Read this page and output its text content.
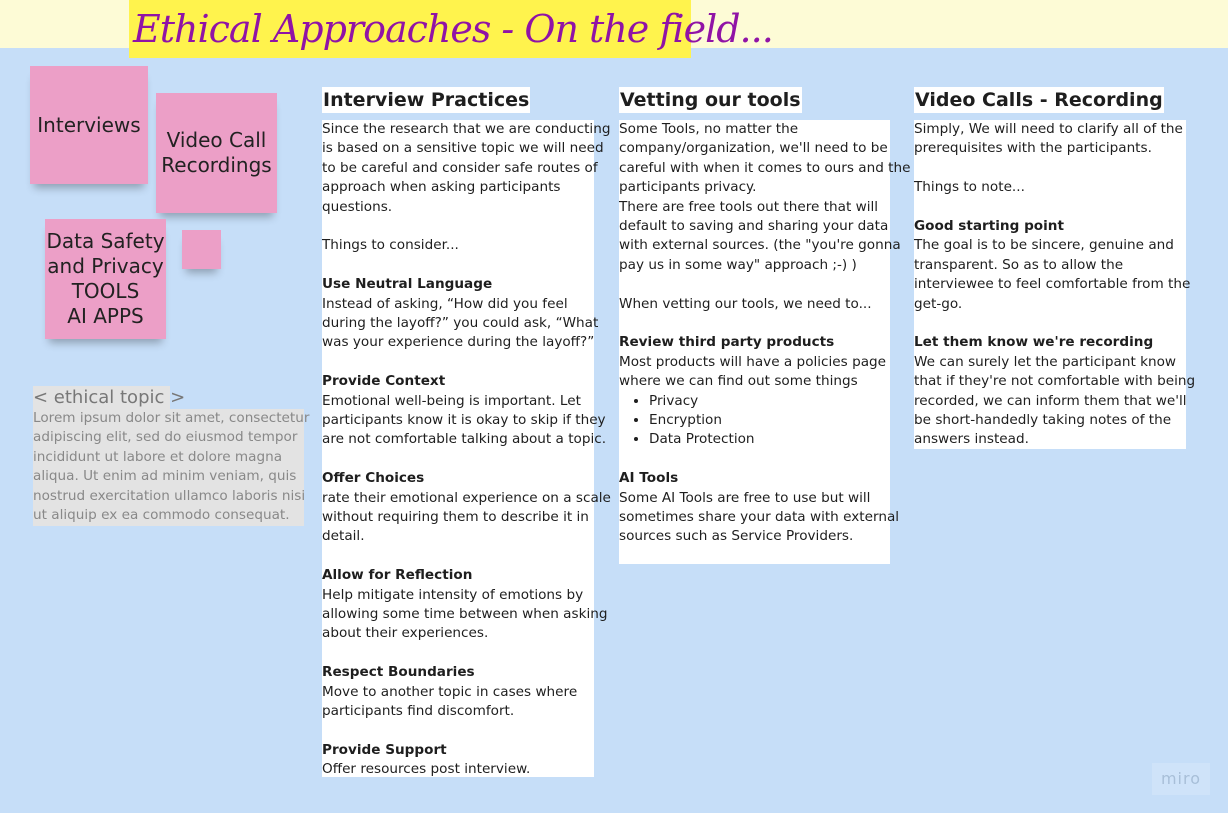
Ethical Approaches - On the field...
Interviews
Video Call
Recordings
Data Safety
and Privacy
TOOLS
AI APPS
< ethical topic >

Lorem ipsum dolor sit amet, consectetur

adipiscing elit, sed do eiusmod tempor

incididunt ut labore et dolore magna

aliqua. Ut enim ad minim veniam, quis

nostrud exercitation ullamco laboris nisi

ut aliquip ex ea commodo consequat.

Interview Practices

Since the research that we are conducting

is based on a sensitive topic we will need

to be careful and consider safe routes of

approach when asking participants

questions.

Things to consider...

Use Neutral Language

Instead of asking, “How did you feel

during the layoff?” you could ask, “What

was your experience during the layoff?”

Provide Context

Emotional well-being is important. Let

participants know it is okay to skip if they

are not comfortable talking about a topic.

Offer Choices

rate their emotional experience on a scale

without requiring them to describe it in

detail.

Allow for Reflection

Help mitigate intensity of emotions by

allowing some time between when asking

about their experiences.

Respect Boundaries

Move to another topic in cases where

participants find discomfort.

Provide Support

Offer resources post interview.

Vetting our tools

Some Tools, no matter the

company/organization, we'll need to be

careful with when it comes to ours and the

participants privacy.

There are free tools out there that will

default to saving and sharing your data

with external sources. (the "you're gonna

pay us in some way" approach ;-) )

When vetting our tools, we need to...

Review third party products

Most products will have a policies page

where we can find out some things

• Privacy
• Encryption
• Data Protection

AI Tools

Some AI Tools are free to use but will

sometimes share your data with external

sources such as Service Providers.

Video Calls - Recording

Simply, We will need to clarify all of the

prerequisites with the participants.

Things to note...

Good starting point

The goal is to be sincere, genuine and

transparent. So as to allow the

interviewee to feel comfortable from the

get-go.

Let them know we're recording

We can surely let the participant know

that if they're not comfortable with being

recorded, we can inform them that we'll

be short-handedly taking notes of the

answers instead.

miro
